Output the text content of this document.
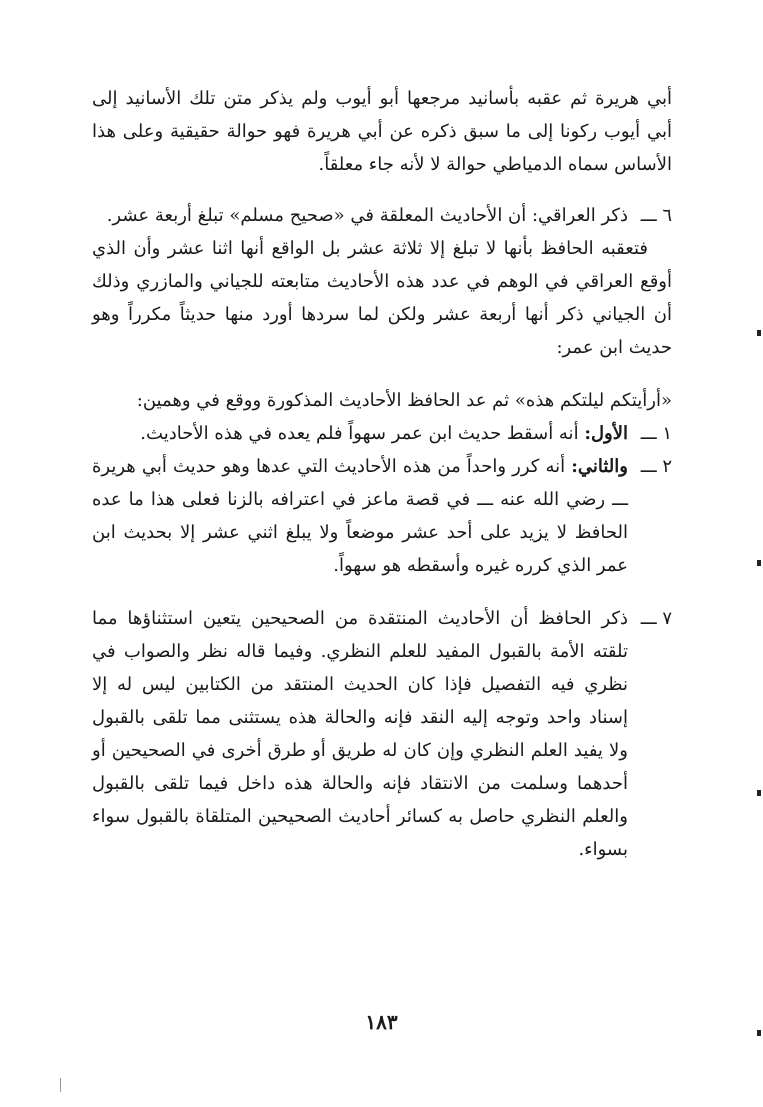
أبي هريرة ثم عقبه بأسانيد مرجعها أبو أيوب ولم يذكر متن تلك الأسانيد إلى أبي أيوب ركونا إلى ما سبق ذكره عن أبي هريرة فهو حوالة حقيقية وعلى هذا الأساس سماه الدمياطي حوالة لا لأنه جاء معلقاً.

٦ ـــ

ذكر العراقي: أن الأحاديث المعلقة في «صحيح مسلم» تبلغ أربعة عشر.

فتعقبه الحافظ بأنها لا تبلغ إلا ثلاثة عشر بل الواقع أنها اثنا عشر وأن الذي أوقع العراقي في الوهم في عدد هذه الأحاديث متابعته للجياني والمازري وذلك أن الجياني ذكر أنها أربعة عشر ولكن لما سردها أورد منها حديثاً مكرراً وهو حديث ابن عمر:

«أرأيتكم ليلتكم هذه» ثم عد الحافظ الأحاديث المذكورة ووقع في وهمين:

١ ـــ

الأول: أنه أسقط حديث ابن عمر سهواً فلم يعده في هذه الأحاديث.

٢ ـــ

والثاني: أنه كرر واحداً من هذه الأحاديث التي عدها وهو حديث أبي هريرة ـــ رضي الله عنه ـــ في قصة ماعز في اعترافه بالزنا فعلى هذا ما عده الحافظ لا يزيد على أحد عشر موضعاً ولا يبلغ اثني عشر إلا بحديث ابن عمر الذي كرره غيره وأسقطه هو سهواً.

٧ ـــ

ذكر الحافظ أن الأحاديث المنتقدة من الصحيحين يتعين استثناؤها مما تلقته الأمة بالقبول المفيد للعلم النظري. وفيما قاله نظر والصواب في نظري فيه التفصيل فإذا كان الحديث المنتقد من الكتابين ليس له إلا إسناد واحد وتوجه إليه النقد فإنه والحالة هذه يستثنى مما تلقى بالقبول ولا يفيد العلم النظري وإن كان له طريق أو طرق أخرى في الصحيحين أو أحدهما وسلمت من الانتقاد فإنه والحالة هذه داخل فيما تلقى بالقبول والعلم النظري حاصل به كسائر أحاديث الصحيحين المتلقاة بالقبول سواء بسواء.

١٨٣
